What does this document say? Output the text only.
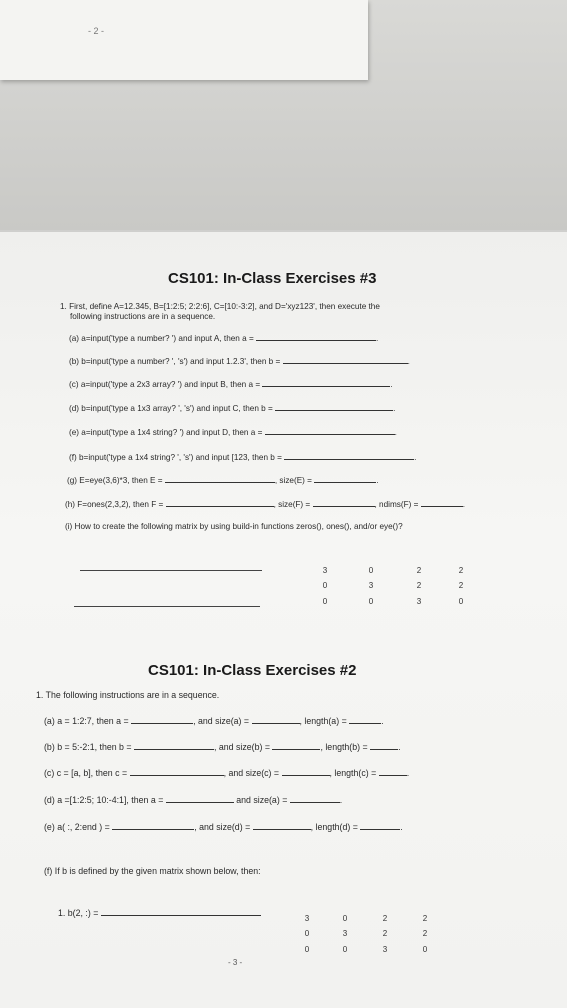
- 2 -
CS101: In-Class Exercises #3
1. First, define A=12.345, B=[1:2:5; 2:2:6], C=[10:-3:2], and D='xyz123', then execute the
following instructions are in a sequence.
(a) a=input('type a number? ') and input A, then a =	.
(b) b=input('type a number? ', 's') and input 1.2.3', then b =	.
(c) a=input('type a 2x3 array? ') and input B, then a =	.
(d) b=input('type a 1x3 array? ', 's') and input C, then b =	.
(e) a=input('type a 1x4 string? ') and input D, then a =	.
(f) b=input('type a 1x4 string? ', 's') and input [123, then b =	.
(g) E=eye(3,6)*3, then E =	, size(E) =	.
(h) F=ones(2,3,2), then F =	, size(F) =	, ndims(F) =	.
(i) How to create the following matrix by using build-in functions zeros(), ones(), and/or eye()?
3	0	2	2
0	3	2	2
0	0	3	0
CS101: In-Class Exercises #2
1. The following instructions are in a sequence.
(a) a = 1:2:7, then a =	, and size(a) =	, length(a) =	.
(b) b = 5:-2:1, then b =	, and size(b) =	, length(b) =	.
(c) c = [a, b], then c =	, and size(c) =	, length(c) =	.
(d) a =[1:2:5; 10:-4:1], then a =	and size(a) =	.
(e) a( :, 2:end ) =	, and size(d) =	, length(d) =	.
(f) If b is defined by the given matrix shown below, then:
1. b(2, :) =
3	0	2	2
0	3	2	2
0	0	3	0
- 3 -
